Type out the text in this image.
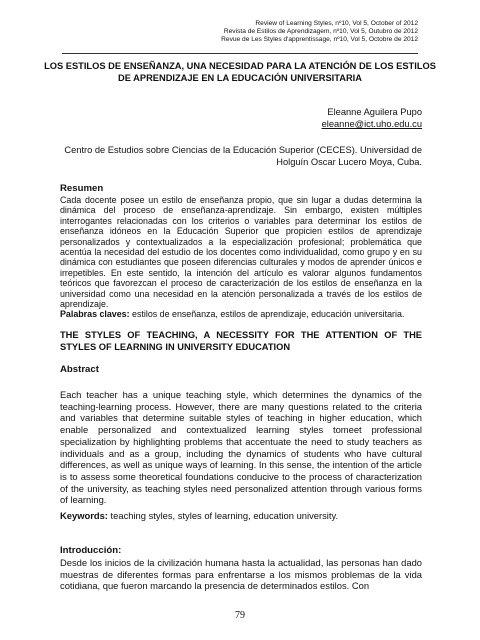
Review of Learning Styles, nº10, Vol 5, October of 2012
Revista de Estilos de Aprendizagem, nº10, Vol 5, Outubro de 2012
Revue de Les Styles d'apprentissage, nº10, Vol 5, Octobre de 2012
LOS ESTILOS DE ENSEÑANZA, UNA NECESIDAD PARA LA ATENCIÓN DE LOS ESTILOS DE APRENDIZAJE EN LA EDUCACIÓN UNIVERSITARIA
Eleanne Aguilera Pupo
eleanne@ict.uho.edu.cu
Centro de Estudios sobre Ciencias de la Educación Superior (CECES). Universidad de Holguín Oscar Lucero Moya, Cuba.
Resumen
Cada docente posee un estilo de enseñanza propio, que sin lugar a dudas determina la dinámica del proceso de enseñanza-aprendizaje. Sin embargo, existen múltiples interrogantes relacionadas con los criterios o variables para determinar los estilos de enseñanza idóneos en la Educación Superior que propicien estilos de aprendizaje personalizados y contextualizados a la especialización profesional; problemática que acentúa la necesidad del estudio de los docentes como individualidad, como grupo y en su dinámica con estudiantes que poseen diferencias culturales y modos de aprender únicos e irrepetibles. En este sentido, la intención del artículo es valorar algunos fundamentos teóricos que favorezcan el proceso de caracterización de los estilos de enseñanza en la universidad como una necesidad en la atención personalizada a través de los estilos de aprendizaje.
Palabras claves: estilos de enseñanza, estilos de aprendizaje, educación universitaria.
THE STYLES OF TEACHING, A NECESSITY FOR THE ATTENTION OF THE STYLES OF LEARNING IN UNIVERSITY EDUCATION
Abstract
Each teacher has a unique teaching style, which determines the dynamics of the teaching-learning process. However, there are many questions related to the criteria and variables that determine suitable styles of teaching in higher education, which enable personalized and contextualized learning styles tomeet professional specialization by highlighting problems that accentuate the need to study teachers as individuals and as a group, including the dynamics of students who have cultural differences, as well as unique ways of learning. In this sense, the intention of the article is to assess some theoretical foundations conducive to the process of characterization of the university, as teaching styles need personalized attention through various forms of learning.
Keywords: teaching styles, styles of learning, education university.
Introducción:
Desde los inicios de la civilización humana hasta la actualidad, las personas han dado muestras de diferentes formas para enfrentarse a los mismos problemas de la vida cotidiana, que fueron marcando la presencia de determinados estilos. Con
79
